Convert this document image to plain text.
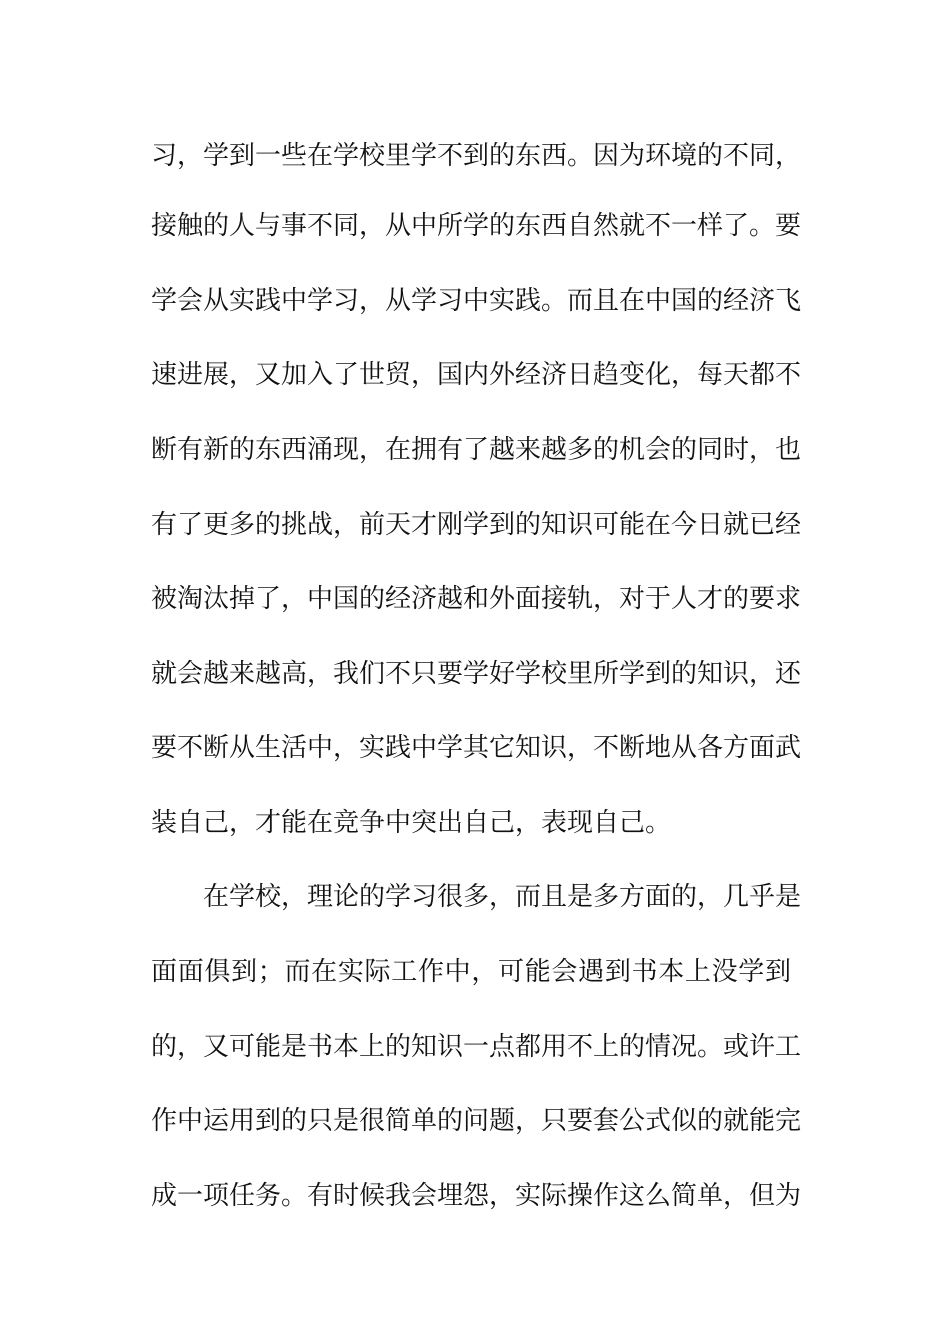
习，学到一些在学校里学不到的东西。因为环境的不同，
接触的人与事不同，从中所学的东西自然就不一样了。要
学会从实践中学习，从学习中实践。而且在中国的经济飞
速进展，又加入了世贸，国内外经济日趋变化，每天都不
断有新的东西涌现，在拥有了越来越多的机会的同时，也
有了更多的挑战，前天才刚学到的知识可能在今日就已经
被淘汰掉了，中国的经济越和外面接轨，对于人才的要求
就会越来越高，我们不只要学好学校里所学到的知识，还
要不断从生活中，实践中学其它知识，不断地从各方面武
装自己，才能在竞争中突出自己，表现自己。
在学校，理论的学习很多，而且是多方面的，几乎是
面面俱到；而在实际工作中，可能会遇到书本上没学到
的，又可能是书本上的知识一点都用不上的情况。或许工
作中运用到的只是很简单的问题，只要套公式似的就能完
成一项任务。有时候我会埋怨，实际操作这么简单，但为
